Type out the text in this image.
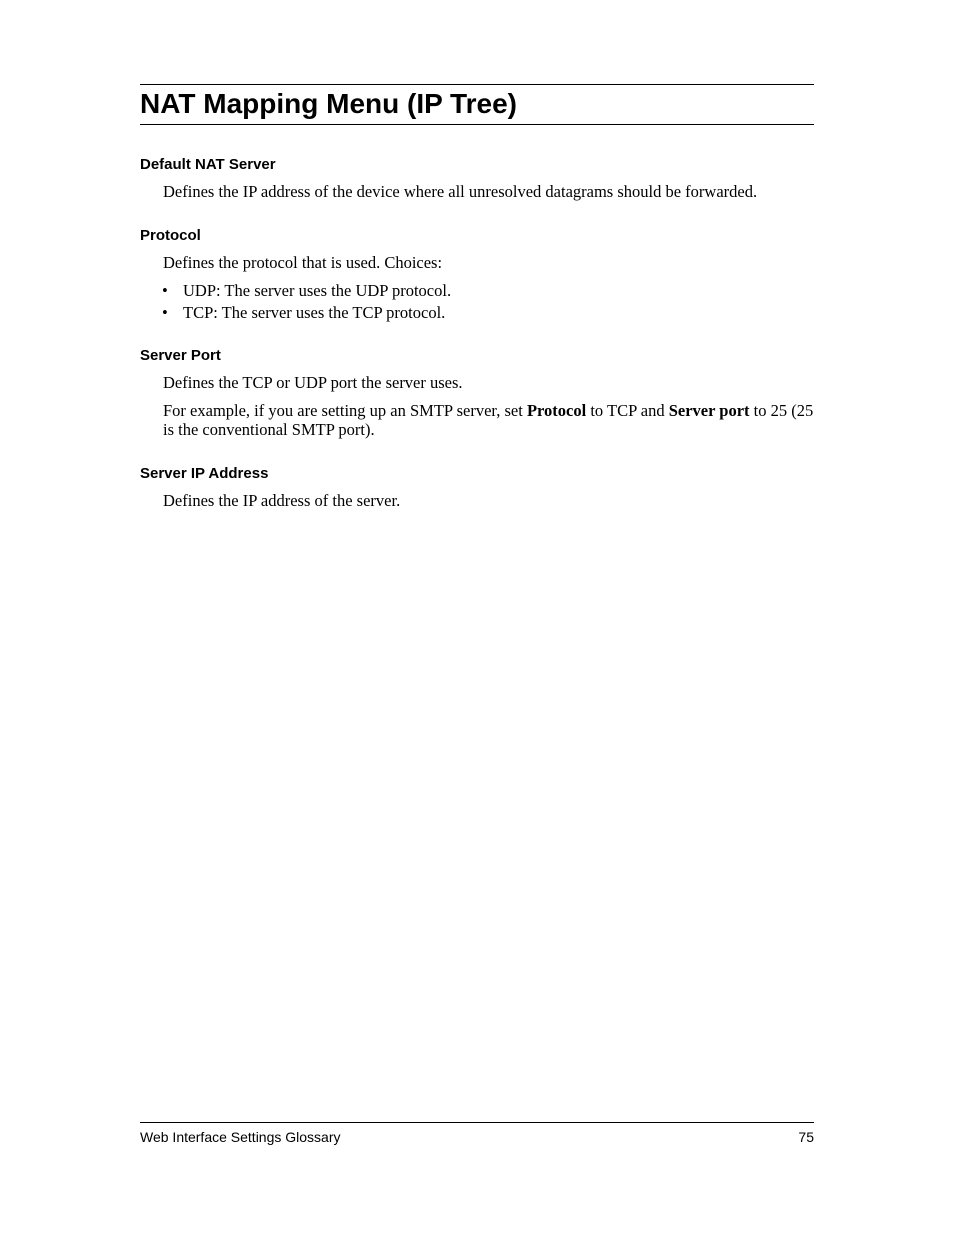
NAT Mapping Menu (IP Tree)
Default NAT Server

Defines the IP address of the device where all unresolved datagrams should be forwarded.

Protocol

Defines the protocol that is used. Choices:

• UDP: The server uses the UDP protocol.
• TCP: The server uses the TCP protocol.
Server Port

Defines the TCP or UDP port the server uses.

For example, if you are setting up an SMTP server, set Protocol to TCP and Server port to 25 (25 is the conventional SMTP port).

Server IP Address

Defines the IP address of the server.

Web Interface Settings Glossary	75
